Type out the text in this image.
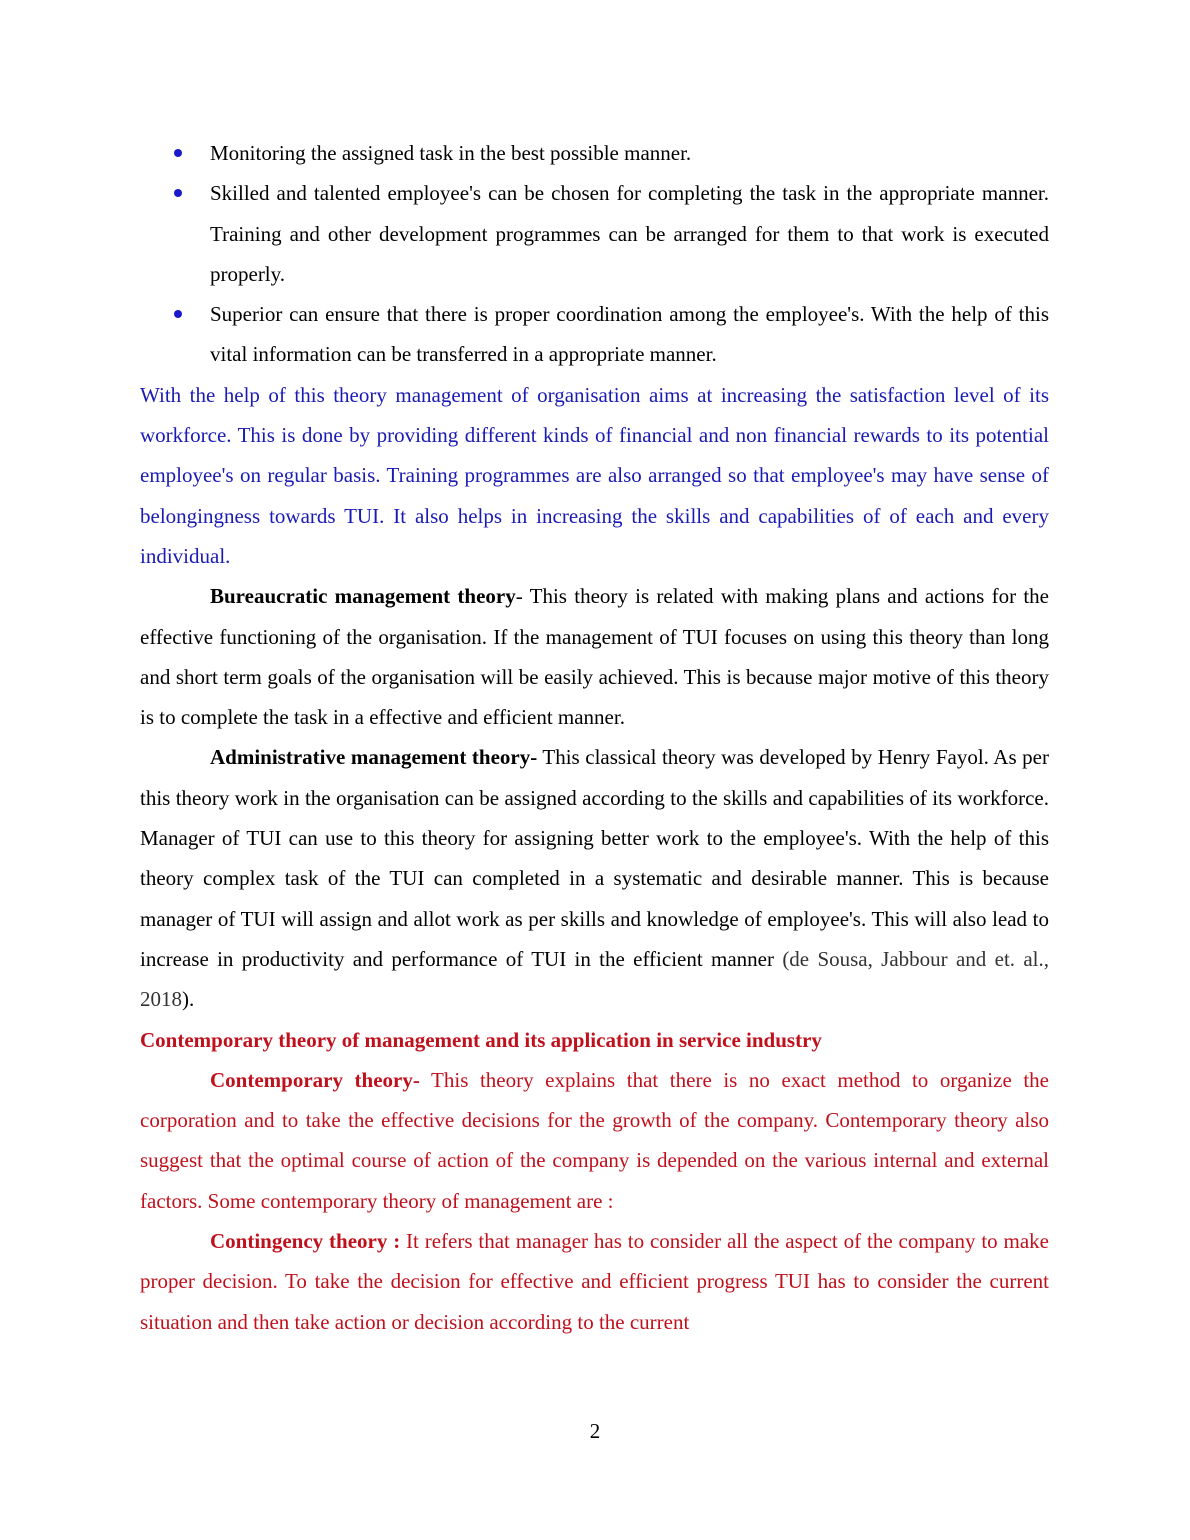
Monitoring the assigned task in the best possible manner.
Skilled and talented employee's can be chosen for completing the task in the appropriate manner. Training and other development programmes can be arranged for them to that work is executed properly.
Superior can ensure that there is proper coordination among the employee's. With the help of this vital information can be transferred in a appropriate manner.

With the help of this theory management of organisation aims at increasing the satisfaction level of its workforce. This is done by providing different kinds of financial and non financial rewards to its potential employee's on regular basis. Training programmes are also arranged so that employee's may have sense of belongingness towards TUI. It also helps in increasing the skills and capabilities of of each and every individual.

Bureaucratic management theory- This theory is related with making plans and actions for the effective functioning of the organisation. If the management of TUI focuses on using this theory than long and short term goals of the organisation will be easily achieved. This is because major motive of this theory is to complete the task in a effective and efficient manner.

Administrative management theory- This classical theory was developed by Henry Fayol. As per this theory work in the organisation can be assigned according to the skills and capabilities of its workforce. Manager of TUI can use to this theory for assigning better work to the employee's. With the help of this theory complex task of the TUI can completed in a systematic and desirable manner. This is because manager of TUI will assign and allot work as per skills and knowledge of employee's. This will also lead to increase in productivity and performance of TUI in the efficient manner (de Sousa, Jabbour and et. al., 2018).

Contemporary theory of management and its application in service industry

Contemporary theory- This theory explains that there is no exact method to organize the corporation and to take the effective decisions for the growth of the company. Contemporary theory also suggest that the optimal course of action of the company is depended on the various internal and external factors. Some contemporary theory of management are :

Contingency theory : It refers that manager has to consider all the aspect of the company to make proper decision. To take the decision for effective and efficient progress TUI has to consider the current situation and then take action or decision according to the current

2
